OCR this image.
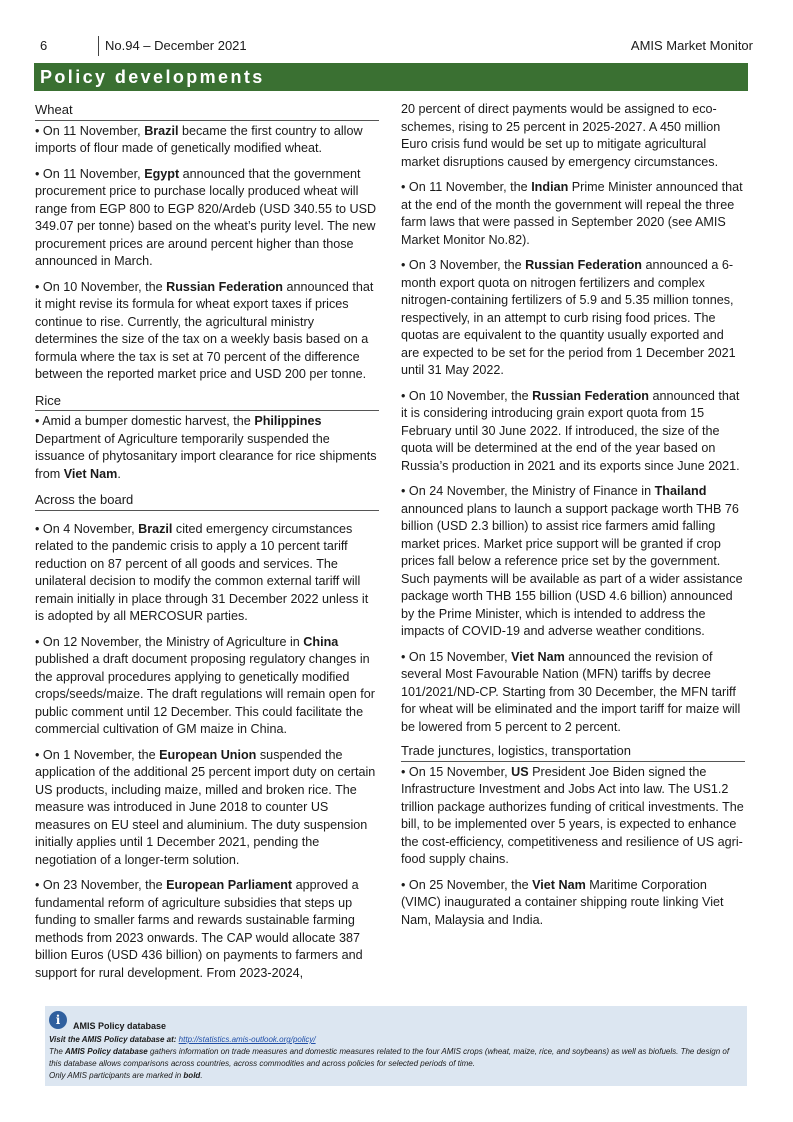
6	No.94 – December 2021	AMIS Market Monitor
Policy developments
Wheat

• On 11 November, Brazil became the first country to allow imports of flour made of genetically modified wheat.

• On 11 November, Egypt announced that the government procurement price to purchase locally produced wheat will range from EGP 800 to EGP 820/Ardeb (USD 340.55 to USD 349.07 per tonne) based on the wheat’s purity level. The new procurement prices are around percent higher than those announced in March.

• On 10 November, the Russian Federation announced that it might revise its formula for wheat export taxes if prices continue to rise. Currently, the agricultural ministry determines the size of the tax on a weekly basis based on a formula where the tax is set at 70 percent of the difference between the reported market price and USD 200 per tonne.

Rice

• Amid a bumper domestic harvest, the Philippines Department of Agriculture temporarily suspended the issuance of phytosanitary import clearance for rice shipments from Viet Nam.

Across the board

• On 4 November, Brazil cited emergency circumstances related to the pandemic crisis to apply a 10 percent tariff reduction on 87 percent of all goods and services. The unilateral decision to modify the common external tariff will remain initially in place through 31 December 2022 unless it is adopted by all MERCOSUR parties.

• On 12 November, the Ministry of Agriculture in China published a draft document proposing regulatory changes in the approval procedures applying to genetically modified crops/seeds/maize. The draft regulations will remain open for public comment until 12 December. This could facilitate the commercial cultivation of GM maize in China.

• On 1 November, the European Union suspended the application of the additional 25 percent import duty on certain US products, including maize, milled and broken rice. The measure was introduced in June 2018 to counter US measures on EU steel and aluminium. The duty suspension initially applies until 1 December 2021, pending the negotiation of a longer-term solution.

• On 23 November, the European Parliament approved a fundamental reform of agriculture subsidies that steps up funding to smaller farms and rewards sustainable farming methods from 2023 onwards. The CAP would allocate 387 billion Euros (USD 436 billion) on payments to farmers and support for rural development. From 2023-2024,

20 percent of direct payments would be assigned to eco-schemes, rising to 25 percent in 2025-2027. A 450 million Euro crisis fund would be set up to mitigate agricultural market disruptions caused by emergency circumstances.

• On 11 November, the Indian Prime Minister announced that at the end of the month the government will repeal the three farm laws that were passed in September 2020 (see AMIS Market Monitor No.82).

• On 3 November, the Russian Federation announced a 6-month export quota on nitrogen fertilizers and complex nitrogen-containing fertilizers of 5.9 and 5.35 million tonnes, respectively, in an attempt to curb rising food prices. The quotas are equivalent to the quantity usually exported and are expected to be set for the period from 1 December 2021 until 31 May 2022.

• On 10 November, the Russian Federation announced that it is considering introducing grain export quota from 15 February until 30 June 2022. If introduced, the size of the quota will be determined at the end of the year based on Russia’s production in 2021 and its exports since June 2021.

• On 24 November, the Ministry of Finance in Thailand announced plans to launch a support package worth THB 76 billion (USD 2.3 billion) to assist rice farmers amid falling market prices. Market price support will be granted if crop prices fall below a reference price set by the government. Such payments will be available as part of a wider assistance package worth THB 155 billion (USD 4.6 billion) announced by the Prime Minister, which is intended to address the impacts of COVID-19 and adverse weather conditions.

• On 15 November, Viet Nam announced the revision of several Most Favourable Nation (MFN) tariffs by decree 101/2021/ND-CP. Starting from 30 December, the MFN tariff for wheat will be eliminated and the import tariff for maize will be lowered from 5 percent to 2 percent.

Trade junctures, logistics, transportation

• On 15 November, US President Joe Biden signed the Infrastructure Investment and Jobs Act into law. The US1.2 trillion package authorizes funding of critical investments. The bill, to be implemented over 5 years, is expected to enhance the cost-efficiency, competitiveness and resilience of US agri-food supply chains.

• On 25 November, the Viet Nam Maritime Corporation (VIMC) inaugurated a container shipping route linking Viet Nam, Malaysia and India.

i	AMIS Policy database
Visit the AMIS Policy database at: http://statistics.amis-outlook.org/policy/
The AMIS Policy database gathers information on trade measures and domestic measures related to the four AMIS crops (wheat, maize, rice, and soybeans) as well as biofuels. The design of this database allows comparisons across countries, across commodities and across policies for selected periods of time.
Only AMIS participants are marked in bold.
